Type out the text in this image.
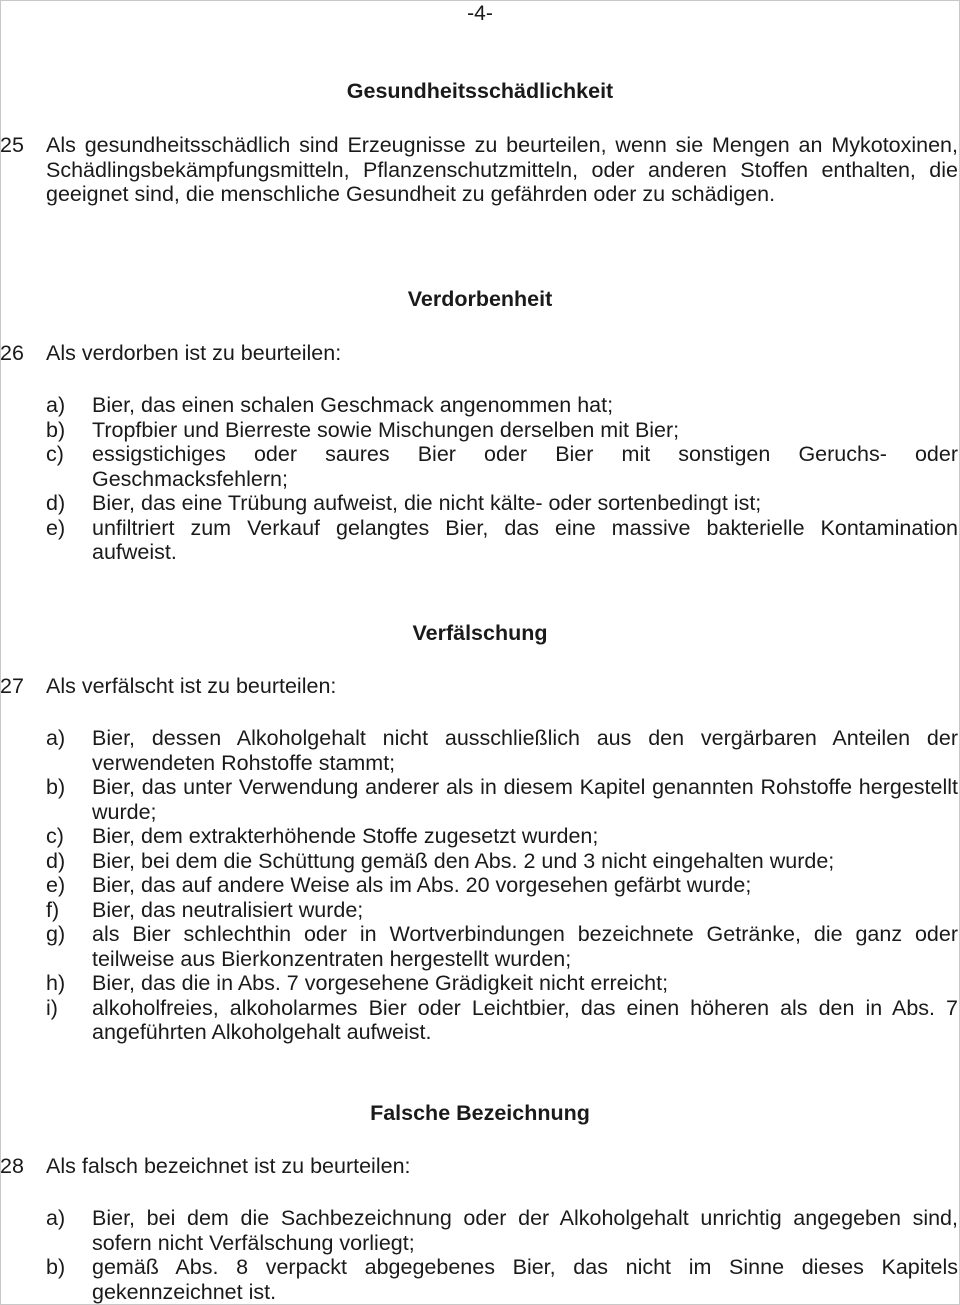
-4-
Gesundheitsschädlichkeit
25 Als gesundheitsschädlich sind Erzeugnisse zu beurteilen, wenn sie Mengen an Mykotoxinen, Schädlingsbekämpfungsmitteln, Pflanzenschutzmitteln, oder anderen Stoffen enthalten, die geeignet sind, die menschliche Gesundheit zu gefährden oder zu schädigen.
Verdorbenheit
26 Als verdorben ist zu beurteilen:
a) Bier, das einen schalen Geschmack angenommen hat;
b) Tropfbier und Bierreste sowie Mischungen derselben mit Bier;
c) essigstichiges oder saures Bier oder Bier mit sonstigen Geruchs- oder Geschmacksfehlern;
d) Bier, das eine Trübung aufweist, die nicht kälte- oder sortenbedingt ist;
e) unfiltriert zum Verkauf gelangtes Bier, das eine massive bakterielle Kontamination aufweist.
Verfälschung
27 Als verfälscht ist zu beurteilen:
a) Bier, dessen Alkoholgehalt nicht ausschließlich aus den vergärbaren Anteilen der verwendeten Rohstoffe stammt;
b) Bier, das unter Verwendung anderer als in diesem Kapitel genannten Rohstoffe hergestellt wurde;
c) Bier, dem extrakterhöhende Stoffe zugesetzt wurden;
d) Bier, bei dem die Schüttung gemäß den Abs. 2 und 3 nicht eingehalten wurde;
e) Bier, das auf andere Weise als im Abs. 20 vorgesehen gefärbt wurde;
f) Bier, das neutralisiert wurde;
g) als Bier schlechthin oder in Wortverbindungen bezeichnete Getränke, die ganz oder teilweise aus Bierkonzentraten hergestellt wurden;
h) Bier, das die in Abs. 7 vorgesehene Grädigkeit nicht erreicht;
i) alkoholfreies, alkoholarmes Bier oder Leichtbier, das einen höheren als den in Abs. 7 angeführten Alkoholgehalt aufweist.
Falsche Bezeichnung
28 Als falsch bezeichnet ist zu beurteilen:
a) Bier, bei dem die Sachbezeichnung oder der Alkoholgehalt unrichtig angegeben sind, sofern nicht Verfälschung vorliegt;
b) gemäß Abs. 8 verpackt abgegebenes Bier, das nicht im Sinne dieses Kapitels gekennzeichnet ist.
